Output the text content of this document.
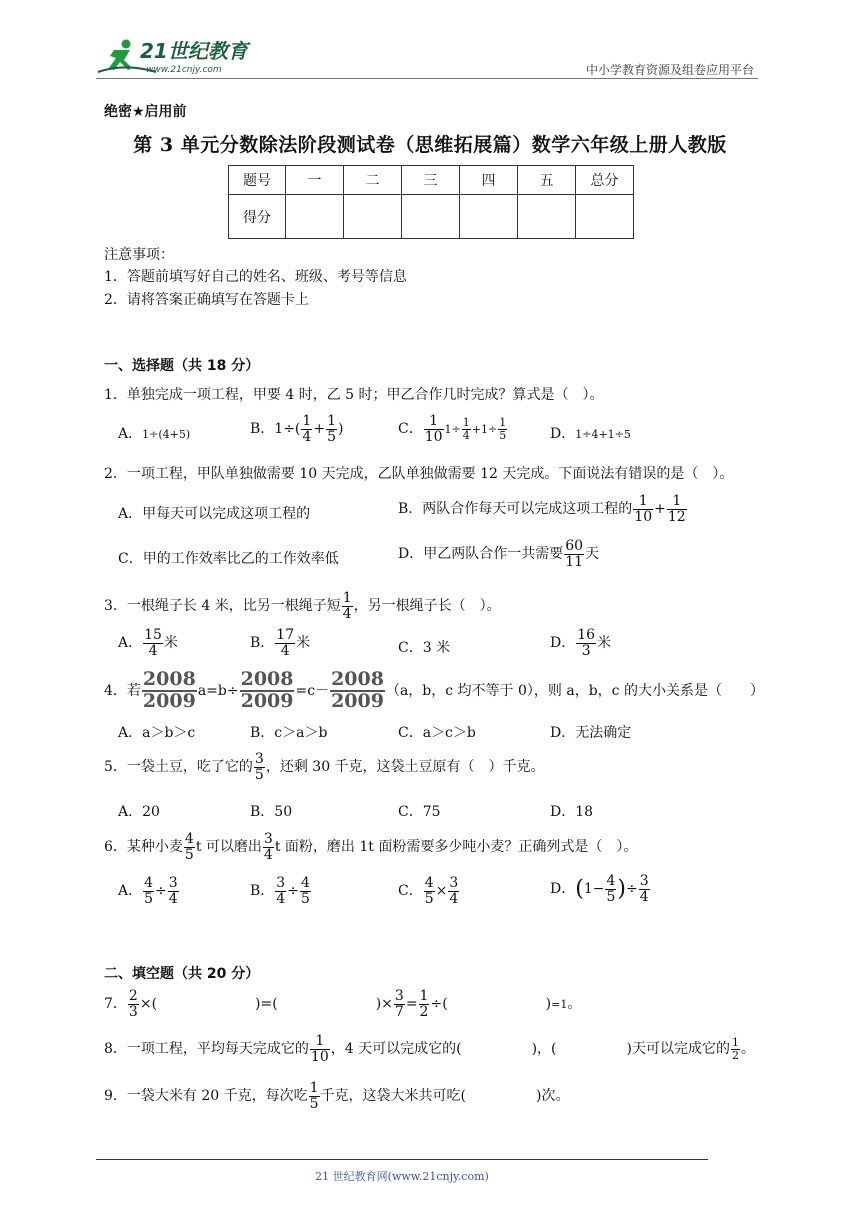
21世纪教育
www.21cnjy.com	中小学教育资源及组卷应用平台
绝密★启用前
第 3 单元分数除法阶段测试卷（思维拓展篇）数学六年级上册人教版
题号	一	二	三	四	五	总分
得分						
注意事项：
1．答题前填写好自己的姓名、班级、考号等信息
2．请将答案正确填写在答题卡上
一、选择题（共 18 分）
1．单独完成一项工程，甲要 4 时，乙 5 时；甲乙合作几时完成？算式是（　）。
A．1÷(4+5)	B．$1\div( \frac{1}{4} + \frac{1}{5}$ )	C． $\frac{1}{10} 1\div \frac{1}{4} +1\div \frac{1}{5}$	D．1÷4+1÷5
2．一项工程，甲队单独做需要 10 天完成，乙队单独做需要 12 天完成。下面说法有错误的是（　）。
A．甲每天可以完成这项工程的	B．两队合作每天可以完成这项工程的 $\frac{1}{10} + \frac{1}{12}$
C．甲的工作效率比乙的工作效率低	D．甲乙两队合作一共需要 $\frac{60}{11}$ 天
3．一根绳子长 4 米，比另一根绳子短 $\frac{1}{4}$ ，另一根绳子长（　）。
A． $\frac{15}{4}$ 米	B． $\frac{17}{4}$ 米	C．3 米	D． $\frac{16}{3}$ 米
4．若 $\frac{2008}{2009} a=b\div \frac{2008}{2009} =c- \frac{2008}{2009} (a$，b，c 均不等于 0），则 a，b，c 的大小关系是（　　）
A．a＞b＞c	B．c＞a＞b	C．a＞c＞b	D．无法确定
5．一袋土豆，吃了它的 $\frac{3}{5}$ ，还剩 30 千克，这袋土豆原有（　）千克。
A．20	B．50	C．75	D．18
6．某种小麦 $\frac{4}{5}$ t 可以磨出 $\frac{3}{4}$ t 面粉，磨出 1t 面粉需要多少吨小麦？正确列式是（　）。
A． $\frac{4}{5} \div \frac{3}{4}$	B． $\frac{3}{4} \div \frac{4}{5}$	C． $\frac{4}{5} \times \frac{3}{4}$	D．($1- \frac{4}{5}$ )÷ $\frac{3}{4}$
二、填空题（共 20 分）
7． $\frac{2}{3}$ ×(　　　　　　　)=(　　　　　　　)× $\frac{3}{7} = \frac{1}{2}$ ÷(　　　　　　　)=1。
8．一项工程，平均每天完成它的 $\frac{1}{10}$ ，4 天可以完成它的(　　　　　)，(　　　　　)天可以完成它的 $\frac{1}{2}$ 。
9．一袋大米有 20 千克，每次吃 $\frac{1}{5}$ 千克，这袋大米共可吃(　　　　　)次。
21 世纪教育网(www.21cnjy.com)
